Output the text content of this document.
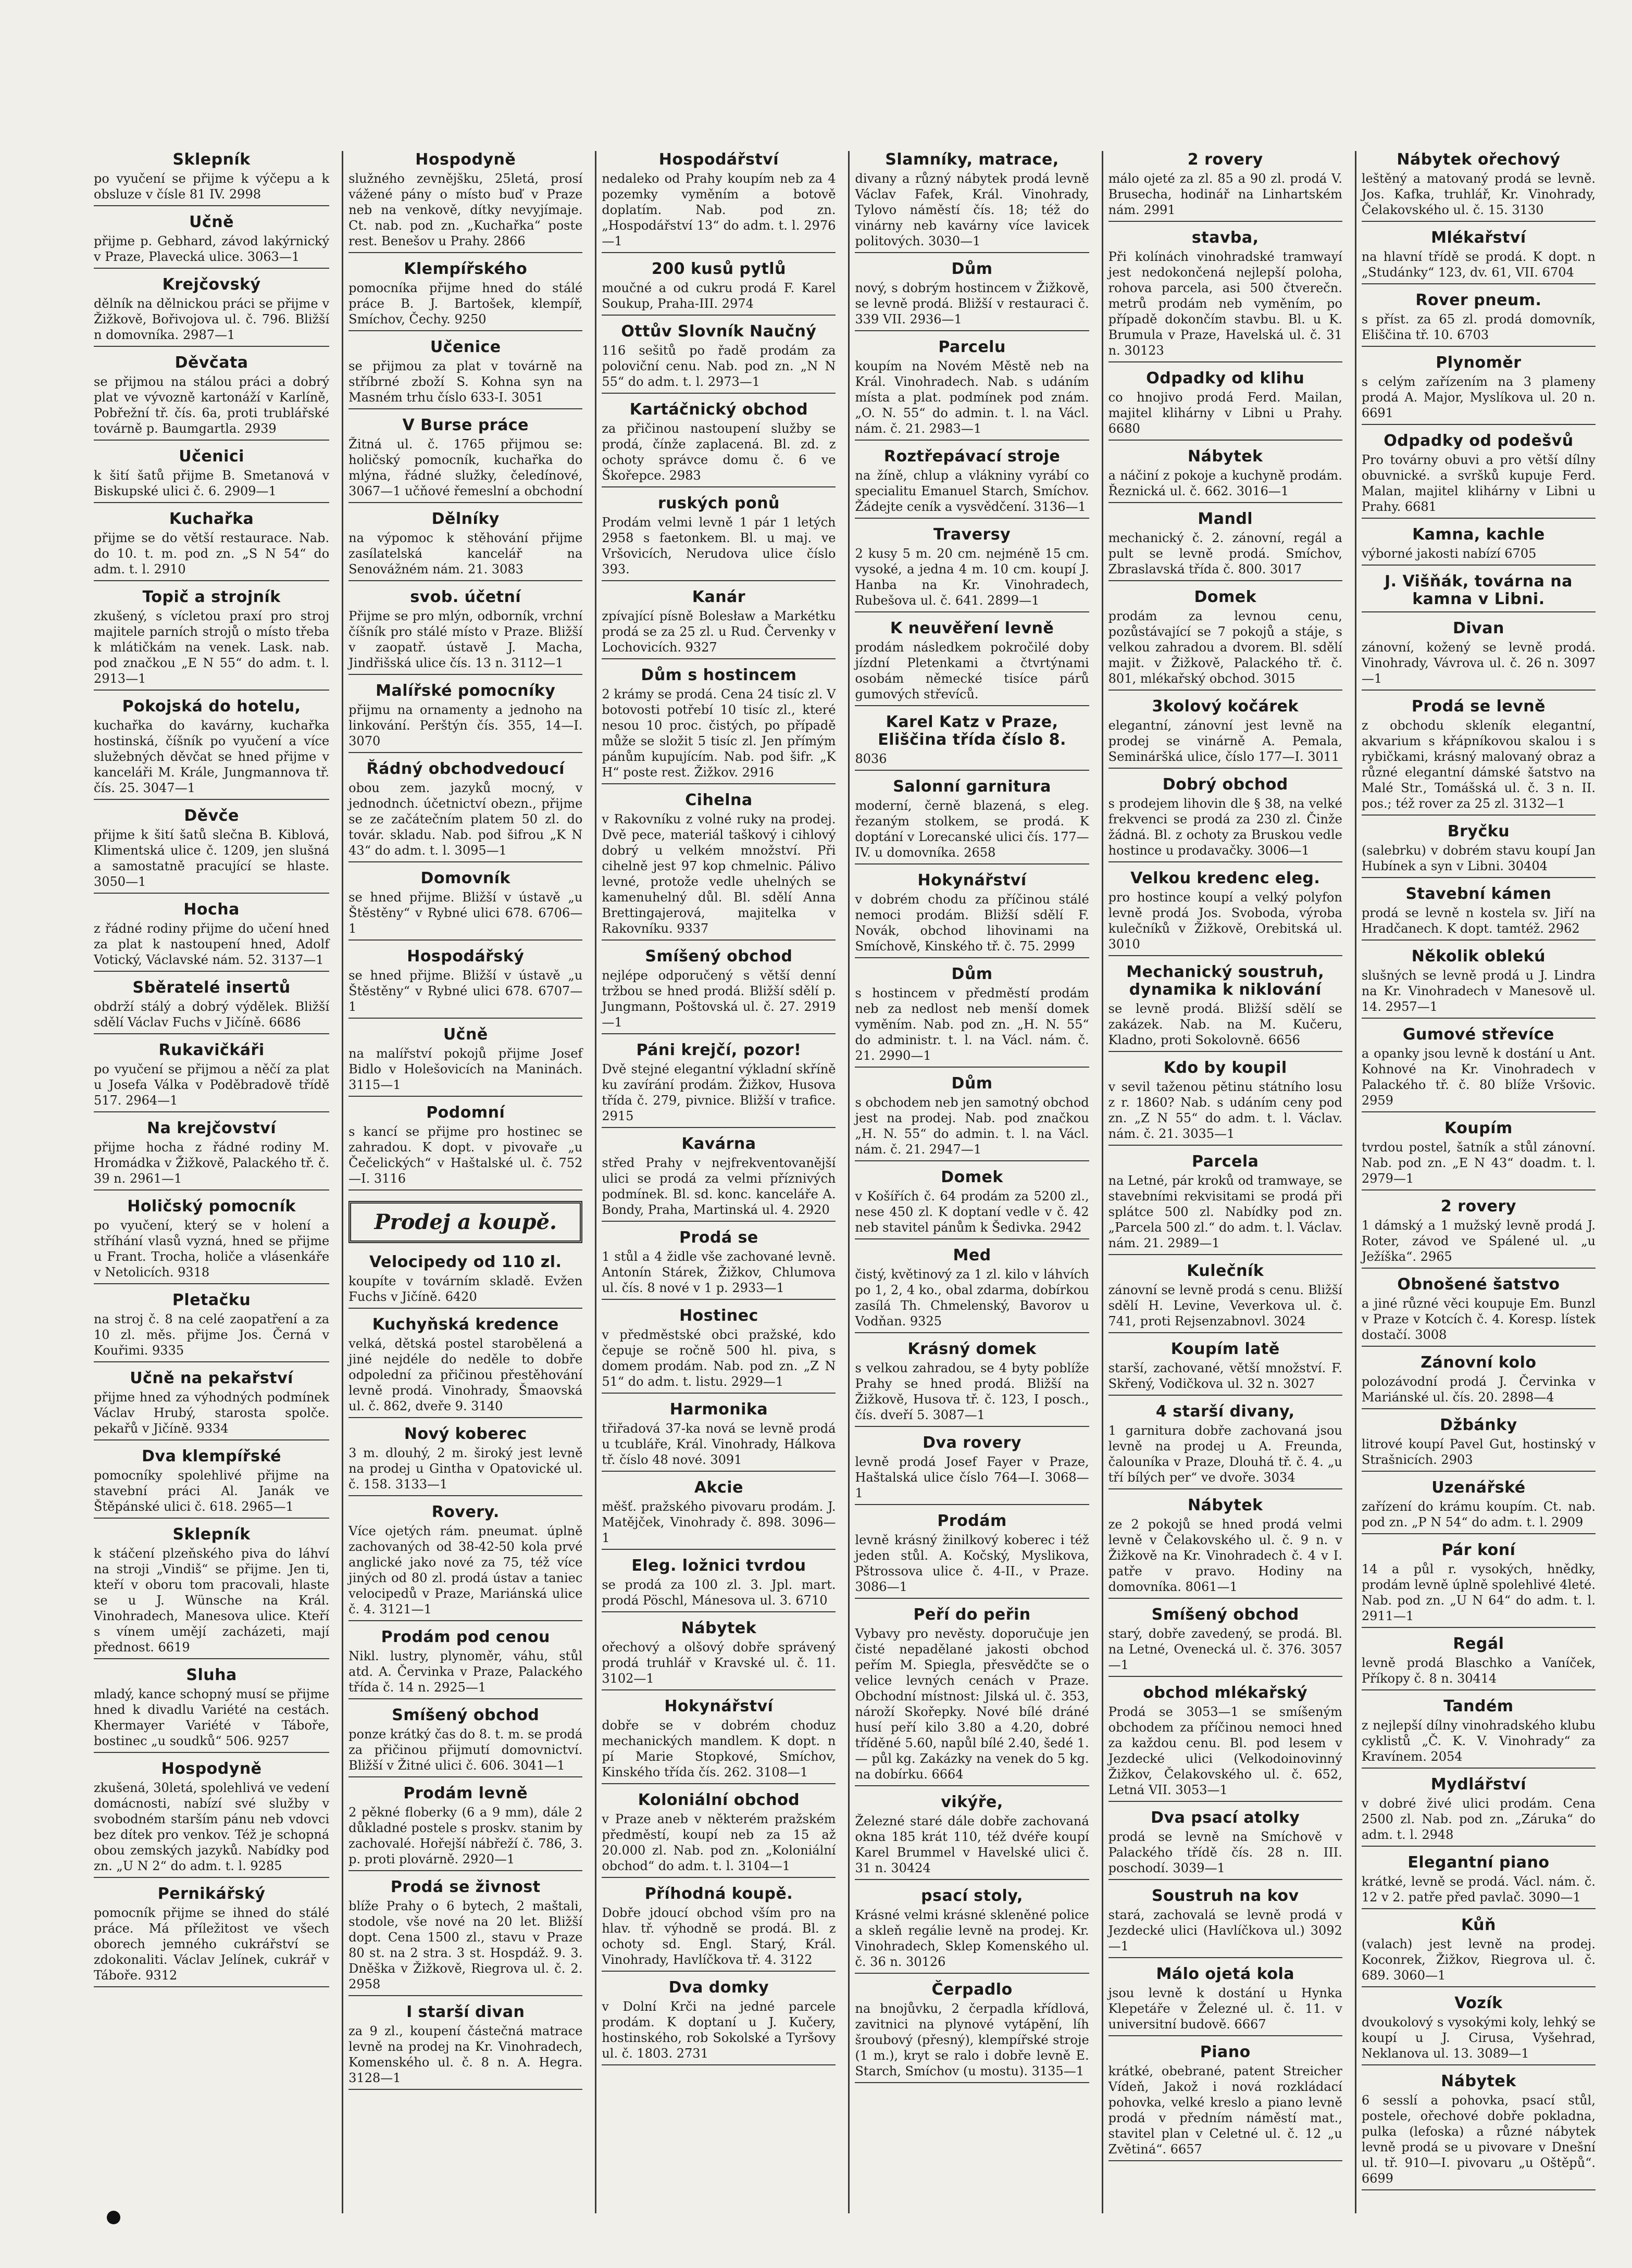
Sklepník

po vyučení se přijme k výčepu a k obsluze v čísle 81 IV. 2998

Učně

přijme p. Gebhard, závod lakýrnický v Praze, Plavecká ulice. 3063—1

Krejčovský

dělník na dělnickou práci se přijme v Žižkově, Bořivojova ul. č. 796. Bližší n domovníka. 2987—1

Děvčata

se přijmou na stálou práci a dobrý plat ve vývozně kartonáží v Karlíně, Pobřežní tř. čís. 6a, proti trublářské továrně p. Baumgartla. 2939

Učenici

k šití šatů přijme B. Smetanová v Biskupské ulici č. 6. 2909—1

Kuchařka

přijme se do větší restaurace. Nab. do 10. t. m. pod zn. „S N 54“ do adm. t. l. 2910

Topič a strojník

zkušený, s vícletou praxí pro stroj majitele parních strojů o místo třeba k mlátičkám na venek. Lask. nab. pod značkou „E N 55“ do adm. t. l. 2913—1

Pokojská do hotelu,

kuchařka do kavárny, kuchařka hostinská, číšník po vyučení a více služebných děvčat se hned přijme v kanceláři M. Krále, Jungmannova tř. čís. 25. 3047—1

Děvče

přijme k šití šatů slečna B. Kiblová, Klimentská ulice č. 1209, jen slušná a samostatně pracující se hlaste. 3050—1

Hocha

z řádné rodiny přijme do učení hned za plat k nastoupení hned, Adolf Votický, Václavské nám. 52. 3137—1

Sběratelé insertů

obdrží stálý a dobrý výdělek. Bližší sdělí Václav Fuchs v Jičíně. 6686

Rukavičkáři

po vyučení se přijmou a něčí za plat u Josefa Válka v Poděbradově třídě 517. 2964—1

Na krejčovství

přijme hocha z řádné rodiny M. Hromádka v Žižkově, Palackého tř. č. 39 n. 2961—1

Holičský pomocník

po vyučení, který se v holení a stříhání vlasů vyzná, hned se přijme u Frant. Trocha, holiče a vlásenkáře v Netolicích. 9318

Pletačku

na stroj č. 8 na celé zaopatření a za 10 zl. měs. přijme Jos. Černá v Kouřimi. 9335

Učně na pekařství

přijme hned za výhodných podmínek Václav Hrubý, starosta spolče. pekařů v Jičíně. 9334

Dva klempířské

pomocníky spolehlivé přijme na stavební práci Al. Janák ve Štěpánské ulici č. 618. 2965—1

Sklepník

k stáčení plzeňského piva do láhví na stroji „Vindiš“ se přijme. Jen ti, kteří v oboru tom pracovali, hlaste se u J. Wünsche na Král. Vinohradech, Manesova ulice. Kteří s vínem umějí zacházeti, mají přednost. 6619

Sluha

mladý, kance schopný musí se přijme hned k divadlu Variété na cestách. Khermayer Variété v Táboře, bostinec „u soudků“ 506. 9257

Hospodyně

zkušená, 30letá, spolehlivá ve vedení domácnosti, nabízí své služby v svobodném starším pánu neb vdovci bez dítek pro venkov. Též je schopná obou zemských jazyků. Nabídky pod zn. „U N 2“ do adm. t. l. 9285

Pernikářský

pomocník přijme se ihned do stálé práce. Má příležitost ve všech oborech jemného cukrářství se zdokonaliti. Václav Jelínek, cukrář v Táboře. 9312

Hospodyně

služného zevnějšku, 25letá, prosí vážené pány o místo buď v Praze neb na venkově, dítky nevyjímaje. Ct. nab. pod zn. „Kuchařka“ poste rest. Benešov u Prahy. 2866

Klempířského

pomocníka přijme hned do stálé práce B. J. Bartošek, klempíř, Smíchov, Čechy. 9250

Učenice

se přijmou za plat v továrně na stříbrné zboží S. Kohna syn na Masném trhu číslo 633-I. 3051

V Burse práce

Žitná ul. č. 1765 přijmou se: holičský pomocník, kuchařka do mlýna, řádné služky, čeledínové, 3067—1 učňové řemeslní a obchodní

Dělníky

na výpomoc k stěhování přijme zasílatelská kancelář na Senovážném nám. 21. 3083

svob. účetní

Přijme se pro mlýn, odborník, vrchní číšník pro stálé místo v Praze. Bližší v zaopatř. ústavě J. Macha, Jindřišská ulice čís. 13 n. 3112—1

Malířské pomocníky

přijmu na ornamenty a jednoho na linkování. Perštýn čís. 355, 14—I. 3070

Řádný obchodvedoucí

obou zem. jazyků mocný, v jednodnch. účetnictví obezn., přijme se ze začátečním platem 50 zl. do továr. skladu. Nab. pod šifrou „K N 43“ do adm. t. l. 3095—1

Domovník

se hned přijme. Bližší v ústavě „u Štěstěny“ v Rybné ulici 678. 6706—1

Hospodářský

se hned přijme. Bližší v ústavě „u Štěstěny“ v Rybné ulici 678. 6707—1

Učně

na malířství pokojů přijme Josef Bidlo v Holešovicích na Maninách. 3115—1

Podomní

s kancí se přijme pro hostinec se zahradou. K dopt. v pivovaře „u Čečelických“ v Haštalské ul. č. 752—I. 3116

Prodej a koupě.
Velocipedy od 110 zl.

koupíte v továrním skladě. Evžen Fuchs v Jičíně. 6420

Kuchyňská kredence

velká, dětská postel starobělená a jiné nejdéle do neděle to dobře odpolední za přičinou přestěhování levně prodá. Vinohrady, Šmaovská ul. č. 862, dveře 9. 3140

Nový koberec

3 m. dlouhý, 2 m. široký jest levně na prodej u Gintha v Opatovické ul. č. 158. 3133—1

Rovery.

Více ojetých rám. pneumat. úplně zachovaných od 38-42-50 kola prvé anglické jako nové za 75, též více jiných od 80 zl. prodá ústav a taniec velocipedů v Praze, Mariánská ulice č. 4. 3121—1

Prodám pod cenou

Nikl. lustry, plynoměr, váhu, stůl atd. A. Červinka v Praze, Palackého třída č. 14 n. 2925—1

Smíšený obchod

ponze krátký čas do 8. t. m. se prodá za přičinou přijmutí domovnictví. Bližší v Žitné ulici č. 606. 3041—1

Prodám levně

2 pěkné floberky (6 a 9 mm), dále 2 důkladné postele s proskv. stanim by zachovalé. Hořejší nábřeží č. 786, 3. p. proti plovárně. 2920—1

Prodá se živnost

blíže Prahy o 6 bytech, 2 maštali, stodole, vše nové na 20 let. Bližší dopt. Cena 1500 zl., stavu v Praze 80 st. na 2 stra. 3 st. Hospdáž. 9. 3. Dněška v Žižkově, Riegrova ul. č. 2. 2958

I starší divan

za 9 zl., koupení částečná matrace levně na prodej na Kr. Vinohradech, Komenského ul. č. 8 n. A. Hegra. 3128—1

Hospodářství

nedaleko od Prahy koupím neb za 4 pozemky vyměním a botově doplatím. Nab. pod zn. „Hospodářství 13“ do adm. t. l. 2976—1

200 kusů pytlů

moučné a od cukru prodá F. Karel Soukup, Praha-III. 2974

Ottův Slovník Naučný

116 sešitů po řadě prodám za poloviční cenu. Nab. pod zn. „N N 55“ do adm. t. l. 2973—1

Kartáčnický obchod

za přičinou nastoupení služby se prodá, čínže zaplacená. Bl. zd. z ochoty správce domu č. 6 ve Škořepce. 2983

ruských ponů

Prodám velmi levně 1 pár 1 letých 2958 s faetonkem. Bl. u maj. ve Vršovicích, Nerudova ulice číslo 393.

Kanár

zpívající písně Bolesław a Markétku prodá se za 25 zl. u Rud. Červenky v Lochovicích. 9327

Dům s hostincem

2 krámy se prodá. Cena 24 tisíc zl. V botovosti potřebí 10 tisíc zl., které nesou 10 proc. čistých, po případě může se složit 5 tisíc zl. Jen přímým pánům kupujícím. Nab. pod šifr. „K H“ poste rest. Žižkov. 2916

Cihelna

v Rakovníku z volné ruky na prodej. Dvě pece, materiál taškový i cihlový dobrý u velkém množství. Při cihelně jest 97 kop chmelnic. Pálivo levné, protože vedle uhelných se kamenuhelný důl. Bl. sdělí Anna Brettingajerová, majitelka v Rakovníku. 9337

Smíšený obchod

nejlépe odporučený s větší denní tržbou se hned prodá. Bližší sdělí p. Jungmann, Poštovská ul. č. 27. 2919—1

Páni krejčí, pozor!

Dvě stejné elegantní výkladní skříně ku zavírání prodám. Žižkov, Husova třída č. 279, pivnice. Bližší v trafice. 2915

Kavárna

střed Prahy v nejfrekventovanější ulici se prodá za velmi příznivých podmínek. Bl. sd. konc. kanceláře A. Bondy, Praha, Martinská ul. 4. 2920

Prodá se

1 stůl a 4 židle vše zachované levně. Antonín Stárek, Žižkov, Chlumova ul. čís. 8 nové v 1 p. 2933—1

Hostinec

v předměstské obci pražské, kdo čepuje se ročně 500 hl. piva, s domem prodám. Nab. pod zn. „Z N 51“ do adm. t. listu. 2929—1

Harmonika

třiřadová 37-ka nová se levně prodá u tcubláře, Král. Vinohrady, Hálkova tř. číslo 48 nové. 3091

Akcie

měšť. pražského pivovaru prodám. J. Matějček, Vinohrady č. 898. 3096—1

Eleg. ložnici tvrdou

se prodá za 100 zl. 3. Jpl. mart. prodá Pöschl, Mánesova ul. 3. 6710

Nábytek

ořechový a olšový dobře správený prodá truhlář v Kravské ul. č. 11. 3102—1

Hokynářství

dobře se v dobrém choduz mechanických mandlem. K dopt. n pí Marie Stopkové, Smíchov, Kinského třída čís. 262. 3108—1

Koloniální obchod

v Praze aneb v některém pražském předměstí, koupí neb za 15 až 20.000 zl. Nab. pod zn. „Koloniální obchod“ do adm. t. l. 3104—1

Příhodná koupě.

Dobře jdoucí obchod vším pro na hlav. tř. výhodně se prodá. Bl. z ochoty sd. Engl. Starý, Král. Vinohrady, Havlíčkova tř. 4. 3122

Dva domky

v Dolní Krči na jedné parcele prodám. K doptaní u J. Kučery, hostinského, rob Sokolské a Tyršovy ul. č. 1803. 2731

Slamníky, matrace,

divany a různý nábytek prodá levně Václav Fafek, Král. Vinohrady, Tylovo náměstí čís. 18; též do vinárny neb kavárny více lavicek politových. 3030—1

Dům

nový, s dobrým hostincem v Žižkově, se levně prodá. Bližší v restauraci č. 339 VII. 2936—1

Parcelu

koupím na Novém Městě neb na Král. Vinohradech. Nab. s udáním místa a plat. podmínek pod znám. „O. N. 55“ do admin. t. l. na Václ. nám. č. 21. 2983—1

Roztřepávací stroje

na žíně, chlup a vlákniny vyrábí co specialitu Emanuel Starch, Smíchov. Žádejte ceník a vysvědčení. 3136—1

Traversy

2 kusy 5 m. 20 cm. nejméně 15 cm. vysoké, a jedna 4 m. 10 cm. koupí J. Hanba na Kr. Vinohradech, Rubešova ul. č. 641. 2899—1

K neuvěření levně

prodám následkem pokročilé doby jízdní Pletenkami a čtvrtýnami osobám německé tisíce párů gumových střevíců.

Karel Katz v Praze, Eliščina třída číslo 8.

8036

Salonní garnitura

moderní, černě blazená, s eleg. řezaným stolkem, se prodá. K doptání v Lorecanské ulici čís. 177—IV. u domovníka. 2658

Hokynářství

v dobrém chodu za příčinou stálé nemoci prodám. Bližší sdělí F. Novák, obchod lihovinami na Smíchově, Kinského tř. č. 75. 2999

Dům

s hostincem v předměstí prodám neb za nedlost neb menší domek vyměním. Nab. pod zn. „H. N. 55“ do administr. t. l. na Václ. nám. č. 21. 2990—1

Dům

s obchodem neb jen samotný obchod jest na prodej. Nab. pod značkou „H. N. 55“ do admin. t. l. na Václ. nám. č. 21. 2947—1

Domek

v Košířích č. 64 prodám za 5200 zl., nese 450 zl. K doptaní vedle v č. 42 neb stavitel pánům k Šedivka. 2942

Med

čistý, květinový za 1 zl. kilo v láhvích po 1, 2, 4 ko., obal zdarma, dobírkou zasílá Th. Chmelenský, Bavorov u Vodňan. 9325

Krásný domek

s velkou zahradou, se 4 byty poblíže Prahy se hned prodá. Bližší na Žižkově, Husova tř. č. 123, I posch., čís. dveří 5. 3087—1

Dva rovery

levně prodá Josef Fayer v Praze, Haštalská ulice číslo 764—I. 3068—1

Prodám

levně krásný žinilkový koberec i též jeden stůl. A. Kočský, Myslikova, Pštrossova ulice č. 4-II., v Praze. 3086—1

Peří do peřin

Vybavy pro nevěsty. doporučuje jen čisté nepadělané jakosti obchod peřím M. Spiegla, přesvědčte se o velice levných cenách v Praze. Obchodní místnost: Jilská ul. č. 353, nároží Skořepky. Nové bílé dráné husí peří kilo 3.80 a 4.20, dobré tříděné 5.60, napůl bílé 2.40, šedé 1.— půl kg. Zakázky na venek do 5 kg. na dobírku. 6664

vikýře,

Železné staré dále dobře zachovaná okna 185 krát 110, též dvéře koupí Karel Brummel v Havelské ulici č. 31 n. 30424

psací stoly,

Krásné velmi krásné skleněné police a skleň regálie levně na prodej. Kr. Vinohradech, Sklep Komenského ul. č. 36 n. 30126

Čerpadlo

na bnojůvku, 2 čerpadla křídlová, zavitnici na plynové vytápění, líh šroubový (přesný), klempířské stroje (1 m.), kryt se ralo i dobře levně E. Starch, Smíchov (u mostu). 3135—1

2 rovery

málo ojeté za zl. 85 a 90 zl. prodá V. Brusecha, hodinář na Linhartském nám. 2991

stavba,

Při kolínách vinohradské tramwayí jest nedokončená nejlepší poloha, rohova parcela, asi 500 čtverečn. metrů prodám neb vyměním, po případě dokončím stavbu. Bl. u K. Brumula v Praze, Havelská ul. č. 31 n. 30123

Odpadky od klihu

co hnojivo prodá Ferd. Mailan, majitel klihárny v Libni u Prahy. 6680

Nábytek

a náčiní z pokoje a kuchyně prodám. Řeznická ul. č. 662. 3016—1

Mandl

mechanický č. 2. zánovní, regál a pult se levně prodá. Smíchov, Zbraslavská třída č. 800. 3017

Domek

prodám za levnou cenu, pozůstávající se 7 pokojů a stáje, s velkou zahradou a dvorem. Bl. sdělí majit. v Žižkově, Palackého tř. č. 801, mlékařský obchod. 3015

3kolový kočárek

elegantní, zánovní jest levně na prodej se vinárně A. Pemala, Semináršká ulice, číslo 177—I. 3011

Dobrý obchod

s prodejem lihovin dle § 38, na velké frekvenci se prodá za 230 zl. Činže žádná. Bl. z ochoty za Bruskou vedle hostince u prodavačky. 3006—1

Velkou kredenc eleg.

pro hostince koupí a velký polyfon levně prodá Jos. Svoboda, výroba kulečníků v Žižkově, Orebitská ul. 3010

Mechanický soustruh, dynamika k niklování

se levně prodá. Bližší sdělí se zakázek. Nab. na M. Kučeru, Kladno, proti Sokolovně. 6656

Kdo by koupil

v sevil taženou pětinu státního losu z r. 1860? Nab. s udáním ceny pod zn. „Z N 55“ do adm. t. l. Václav. nám. č. 21. 3035—1

Parcela

na Letné, pár kroků od tramwaye, se stavebními rekvisitami se prodá při splátce 500 zl. Nabídky pod zn. „Parcela 500 zl.“ do adm. t. l. Václav. nám. 21. 2989—1

Kulečník

zánovní se levně prodá s cenu. Bližší sdělí H. Levine, Veverkova ul. č. 741, proti Rejsenzabnovl. 3024

Koupím latě

starší, zachované, větší množství. F. Skřený, Vodičkova ul. 32 n. 3027

4 starší divany,

1 garnitura dobře zachovaná jsou levně na prodej u A. Freunda, čalouníka v Praze, Dlouhá tř. č. 4. „u tří bílých per“ ve dvoře. 3034

Nábytek

ze 2 pokojů se hned prodá velmi levně v Čelakovského ul. č. 9 n. v Žižkově na Kr. Vinohradech č. 4 v I. patře v pravo. Hodiny na domovníka. 8061—1

Smíšený obchod

starý, dobře zavedený, se prodá. Bl. na Letné, Ovenecká ul. č. 376. 3057—1

obchod mlékařský

Prodá se 3053—1 se smíšeným obchodem za příčinou nemoci hned za každou cenu. Bl. pod lesem v Jezdecké ulici (Velkodoinovinný Žižkov, Čelakovského ul. č. 652, Letná VII. 3053—1

Dva psací atolky

prodá se levně na Smíchově v Palackého třídě čís. 28 n. III. poschodí. 3039—1

Soustruh na kov

stará, zachovalá se levně prodá v Jezdecké ulici (Havlíčkova ul.) 3092—1

Málo ojetá kola

jsou levně k dostání u Hynka Klepetáře v Železné ul. č. 11. v universitní budově. 6667

Piano

krátké, obebrané, patent Streicher Vídeň, Jakož i nová rozkládací pohovka, velké kreslo a piano levně prodá v předním náměstí mat., stavitel plan v Celetné ul. č. 12 „u Zvětiná“. 6657

Nábytek ořechový

leštěný a matovaný prodá se levně. Jos. Kafka, truhlář, Kr. Vinohrady, Čelakovského ul. č. 15. 3130

Mlékařství

na hlavní třídě se prodá. K dopt. n „Studánky“ 123, dv. 61, VII. 6704

Rover pneum.

s příst. za 65 zl. prodá domovník, Eliščina tř. 10. 6703

Plynoměr

s celým zařízením na 3 plameny prodá A. Major, Myslíkova ul. 20 n. 6691

Odpadky od podešvů

Pro továrny obuvi a pro větší dílny obuvnické. a svršků kupuje Ferd. Malan, majitel klihárny v Libni u Prahy. 6681

Kamna, kachle

výborné jakosti nabízí 6705

J. Višňák, továrna na kamna v Libni.
Divan

zánovní, kožený se levně prodá. Vinohrady, Vávrova ul. č. 26 n. 3097—1

Prodá se levně

z obchodu skleník elegantní, akvarium s křápníkovou skalou i s rybičkami, krásný malovaný obraz a různé elegantní dámské šatstvo na Malé Str., Tomášská ul. č. 3 n. II. pos.; též rover za 25 zl. 3132—1

Bryčku

(salebrku) v dobrém stavu koupí Jan Hubínek a syn v Libni. 30404

Stavební kámen

prodá se levně n kostela sv. Jiří na Hradčanech. K dopt. tamtéž. 2962

Několik oblekú

slušných se levně prodá u J. Lindra na Kr. Vinohradech v Manesově ul. 14. 2957—1

Gumové střevíce

a opanky jsou levně k dostání u Ant. Kohnové na Kr. Vinohradech v Palackého tř. č. 80 blíže Vršovic. 2959

Koupím

tvrdou postel, šatník a stůl zánovní. Nab. pod zn. „E N 43“ doadm. t. l. 2979—1

2 rovery

1 dámský a 1 mužský levně prodá J. Roter, závod ve Spálené ul. „u Ježíška“. 2965

Obnošené šatstvo

a jiné různé věci koupuje Em. Bunzl v Praze v Kotcích č. 4. Koresp. lístek dostačí. 3008

Zánovní kolo

polozávodní prodá J. Červinka v Mariánské ul. čís. 20. 2898—4

Džbánky

litrové koupí Pavel Gut, hostinský v Strašnicích. 2903

Uzenářské

zařízení do krámu koupím. Ct. nab. pod zn. „P N 54“ do adm. t. l. 2909

Pár koní

14 a půl r. vysokých, hnědky, prodám levně úplně spolehlivé 4leté. Nab. pod zn. „U N 64“ do adm. t. l. 2911—1

Regál

levně prodá Blaschko a Vaníček, Příkopy č. 8 n. 30414

Tandém

z nejlepší dílny vinohradského klubu cyklistů „Č. K. V. Vinohrady“ za Kravínem. 2054

Mydlářství

v dobré živé ulici prodám. Cena 2500 zl. Nab. pod zn. „Záruka“ do adm. t. l. 2948

Elegantní piano

krátké, levně se prodá. Václ. nám. č. 12 v 2. patře před pavlač. 3090—1

Kůň

(valach) jest levně na prodej. Koconrek, Žižkov, Riegrova ul. č. 689. 3060—1

Vozík

dvoukolový s vysokými koly, lehký se koupí u J. Cirusa, Vyšehrad, Neklanova ul. 13. 3089—1

Nábytek

6 sesslí a pohovka, psací stůl, postele, ořechové dobře pokladna, pulka (lefoska) a různé nábytek levně prodá se u pivovare v Dnešní ul. tř. 910—I. pivovaru „u Oštěpů“. 6699
